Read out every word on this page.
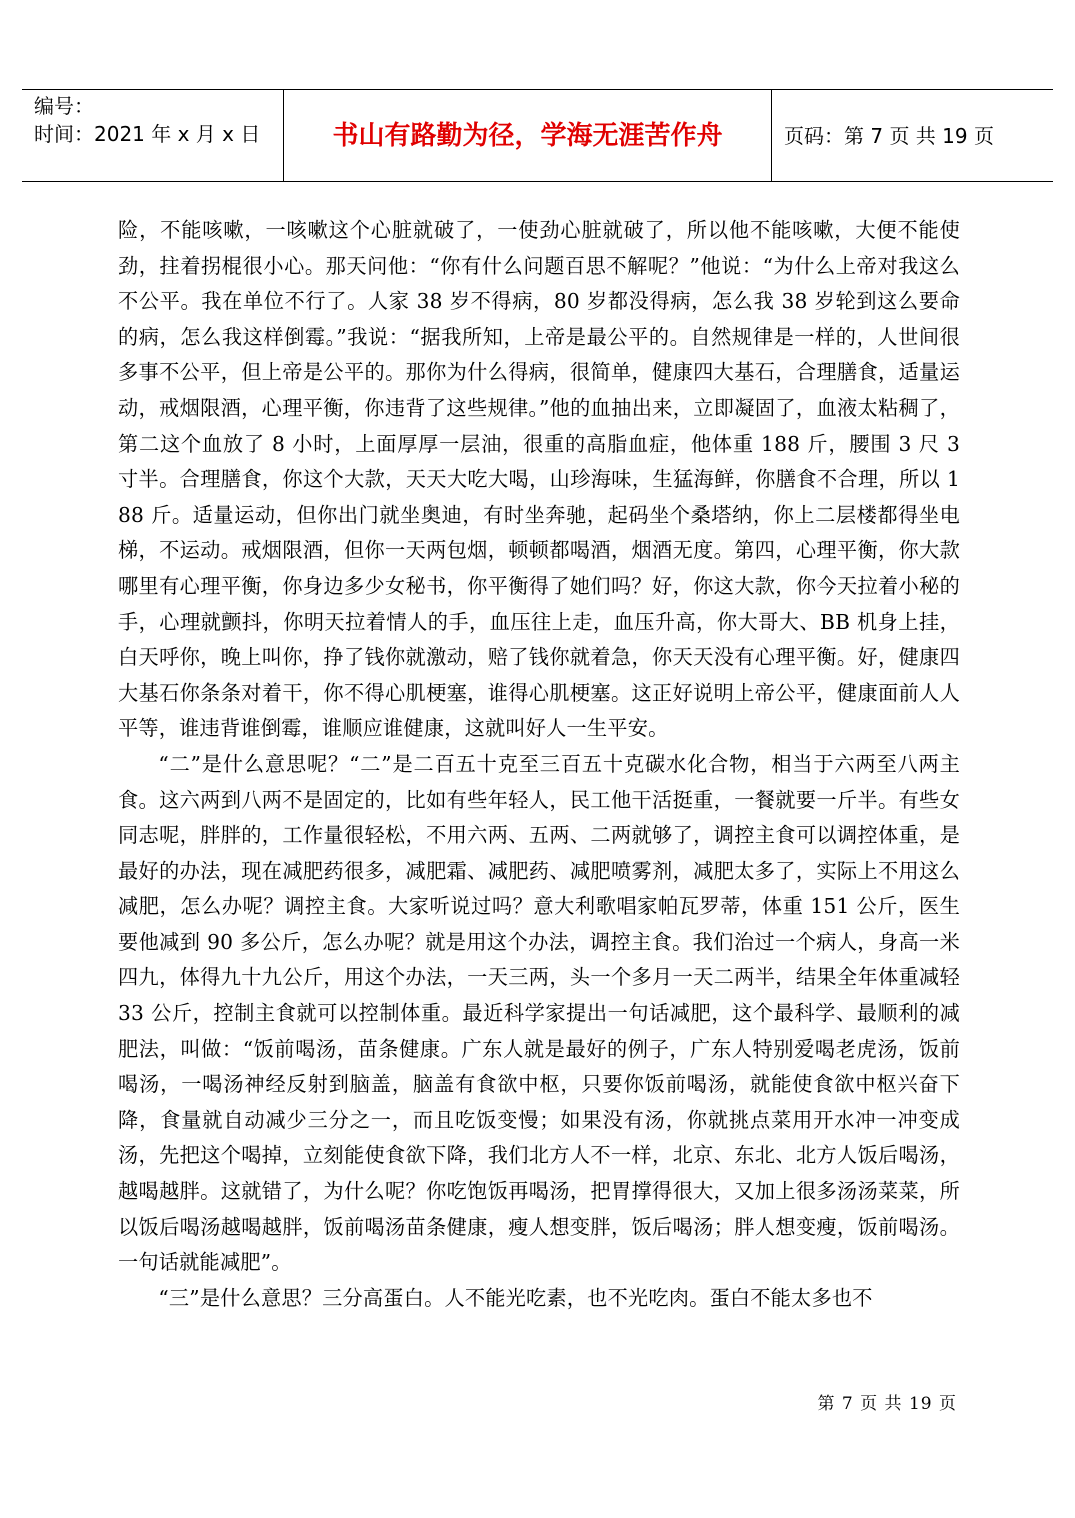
编号：
时间：2021 年 x 月 x 日	书山有路勤为径，学海无涯苦作舟	页码：第 7 页 共 19 页

险，不能咳嗽，一咳嗽这个心脏就破了，一使劲心脏就破了，所以他不能咳嗽，大便不能使劲，拄着拐棍很小心。那天问他：“你有什么问题百思不解呢？”他说：“为什么上帝对我这么不公平。我在单位不行了。人家 38 岁不得病，80 岁都没得病，怎么我 38 岁轮到这么要命的病，怎么我这样倒霉。”我说：“据我所知，上帝是最公平的。自然规律是一样的，人世间很多事不公平，但上帝是公平的。那你为什么得病，很简单，健康四大基石，合理膳食，适量运动，戒烟限酒，心理平衡，你违背了这些规律。”他的血抽出来，立即凝固了，血液太粘稠了，第二这个血放了 8 小时，上面厚厚一层油，很重的高脂血症，他体重 188 斤，腰围 3 尺 3 寸半。合理膳食，你这个大款，天天大吃大喝，山珍海味，生猛海鲜，你膳食不合理，所以 188 斤。适量运动，但你出门就坐奥迪，有时坐奔驰，起码坐个桑塔纳，你上二层楼都得坐电梯，不运动。戒烟限酒，但你一天两包烟，顿顿都喝酒，烟酒无度。第四，心理平衡，你大款哪里有心理平衡，你身边多少女秘书，你平衡得了她们吗？好，你这大款，你今天拉着小秘的手，心理就颤抖，你明天拉着情人的手，血压往上走，血压升高，你大哥大、BB 机身上挂，白天呼你，晚上叫你，挣了钱你就激动，赔了钱你就着急，你天天没有心理平衡。好，健康四大基石你条条对着干，你不得心肌梗塞，谁得心肌梗塞。这正好说明上帝公平，健康面前人人平等，谁违背谁倒霉，谁顺应谁健康，这就叫好人一生平安。

“二”是什么意思呢？“二”是二百五十克至三百五十克碳水化合物，相当于六两至八两主食。这六两到八两不是固定的，比如有些年轻人，民工他干活挺重，一餐就要一斤半。有些女同志呢，胖胖的，工作量很轻松，不用六两、五两、二两就够了，调控主食可以调控体重，是最好的办法，现在减肥药很多，减肥霜、减肥药、减肥喷雾剂，减肥太多了，实际上不用这么减肥，怎么办呢？调控主食。大家听说过吗？意大利歌唱家帕瓦罗蒂，体重 151 公斤，医生要他减到 90 多公斤，怎么办呢？就是用这个办法，调控主食。我们治过一个病人，身高一米四九，体得九十九公斤，用这个办法，一天三两，头一个多月一天二两半，结果全年体重减轻 33 公斤，控制主食就可以控制体重。最近科学家提出一句话减肥，这个最科学、最顺利的减肥法，叫做：“饭前喝汤，苗条健康。广东人就是最好的例子，广东人特别爱喝老虎汤，饭前喝汤，一喝汤神经反射到脑盖，脑盖有食欲中枢，只要你饭前喝汤，就能使食欲中枢兴奋下降，食量就自动减少三分之一，而且吃饭变慢；如果没有汤，你就挑点菜用开水冲一冲变成汤，先把这个喝掉，立刻能使食欲下降，我们北方人不一样，北京、东北、北方人饭后喝汤，越喝越胖。这就错了，为什么呢？你吃饱饭再喝汤，把胃撑得很大，又加上很多汤汤菜菜，所以饭后喝汤越喝越胖，饭前喝汤苗条健康，瘦人想变胖，饭后喝汤；胖人想变瘦，饭前喝汤。一句话就能减肥”。

“三”是什么意思？三分高蛋白。人不能光吃素，也不光吃肉。蛋白不能太多也不

第 7 页 共 19 页
